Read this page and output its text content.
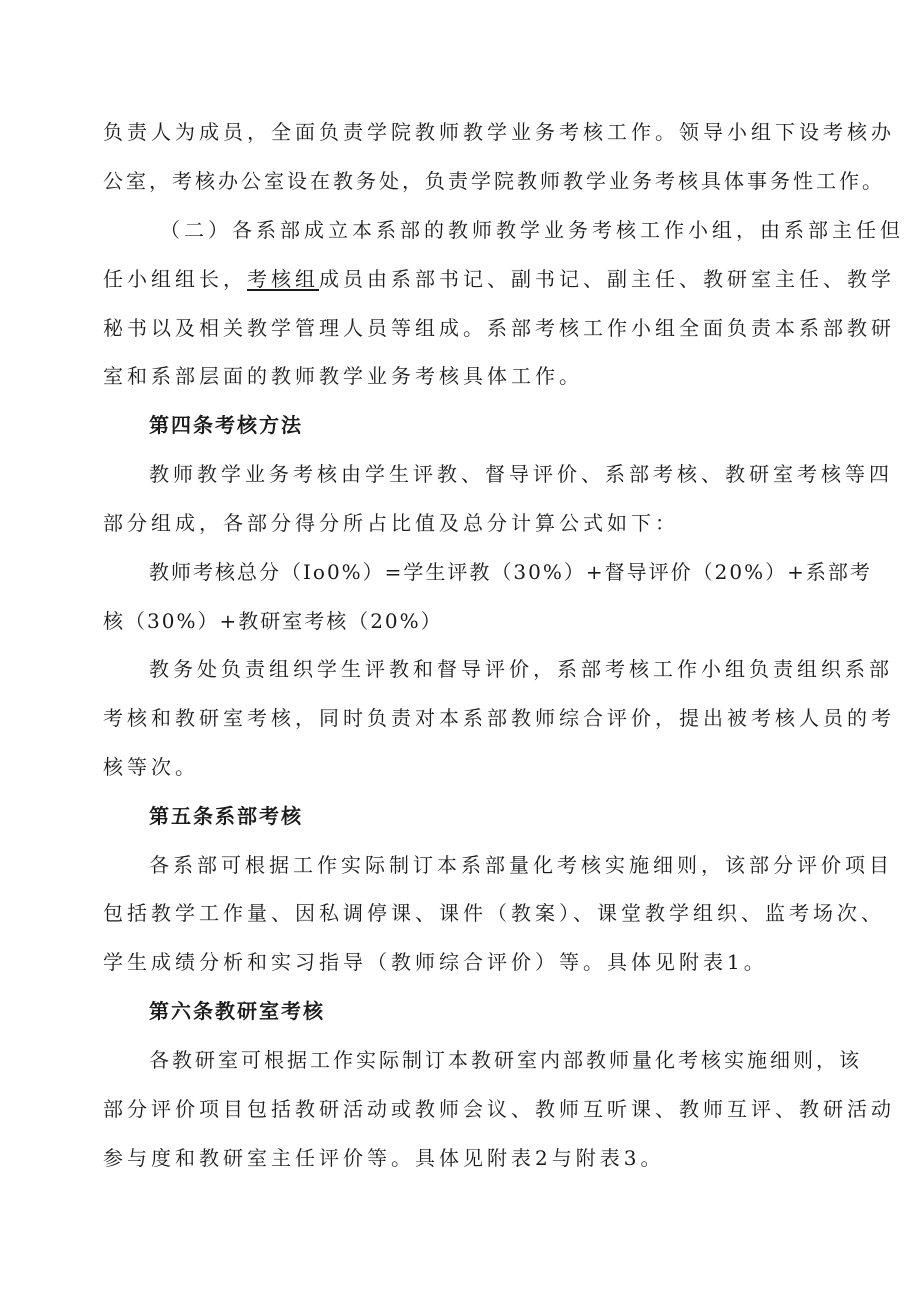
负责人为成员，全面负责学院教师教学业务考核工作。领导小组下设考核办
公室，考核办公室设在教务处，负责学院教师教学业务考核具体事务性工作。
（二）各系部成立本系部的教师教学业务考核工作小组，由系部主任但
任小组组长，考核组成员由系部书记、副书记、副主任、教研室主任、教学
秘书以及相关教学管理人员等组成。系部考核工作小组全面负责本系部教研
室和系部层面的教师教学业务考核具体工作。
第四条考核方法
教师教学业务考核由学生评教、督导评价、系部考核、教研室考核等四
部分组成，各部分得分所占比值及总分计算公式如下：
教师考核总分（Io0%）=学生评教（30%）+督导评价（20%）+系部考
核（30%）+教研室考核（20%）
教务处负责组织学生评教和督导评价，系部考核工作小组负责组织系部
考核和教研室考核，同时负责对本系部教师综合评价，提出被考核人员的考
核等次。
第五条系部考核
各系部可根据工作实际制订本系部量化考核实施细则，该部分评价项目
包括教学工作量、因私调停课、课件（教案）、课堂教学组织、监考场次、
学生成绩分析和实习指导（教师综合评价）等。具体见附表1。
第六条教研室考核
各教研室可根据工作实际制订本教研室内部教师量化考核实施细则，该
部分评价项目包括教研活动或教师会议、教师互听课、教师互评、教研活动
参与度和教研室主任评价等。具体见附表2与附表3。
